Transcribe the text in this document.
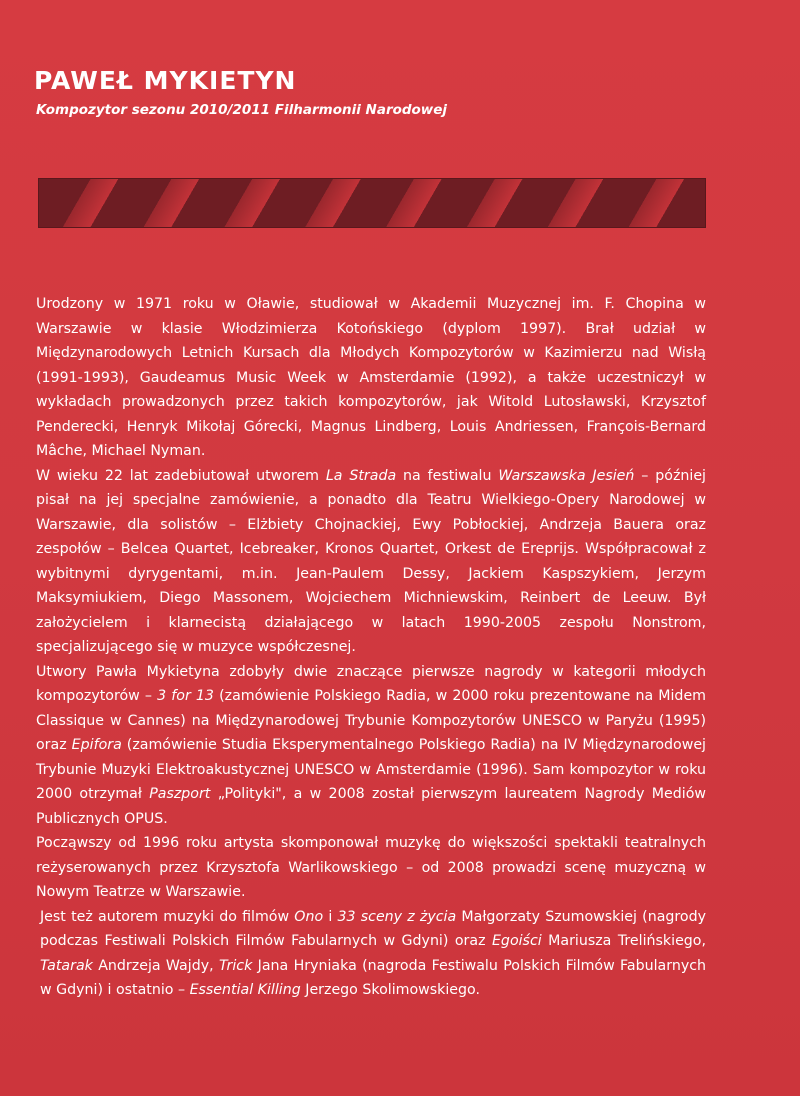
PAWEŁ MYKIETYN

Kompozytor sezonu 2010/2011 Filharmonii Narodowej

Urodzony w 1971 roku w Oławie, studiował w Akademii Muzycznej im. F. Chopina w Warszawie w klasie Włodzimierza Kotońskiego (dyplom 1997). Brał udział w Międzynarodowych Letnich Kursach dla Młodych Kompozytorów w Kazimierzu nad Wisłą (1991-1993), Gaudeamus Music Week w Amsterdamie (1992), a także uczestniczył w wykładach prowadzonych przez takich kompozytorów, jak Witold Lutosławski, Krzysztof Penderecki, Henryk Mikołaj Górecki, Magnus Lindberg, Louis Andriessen, François-Bernard Mâche, Michael Nyman.

W wieku 22 lat zadebiutował utworem La Strada na festiwalu Warszawska Jesień – później pisał na jej specjalne zamówienie, a ponadto dla Teatru Wielkiego-Opery Narodowej w Warszawie, dla solistów – Elżbiety Chojnackiej, Ewy Pobłockiej, Andrzeja Bauera oraz zespołów – Belcea Quartet, Icebreaker, Kronos Quartet, Orkest de Ereprijs. Współpracował z wybitnymi dyrygentami, m.in. Jean-Paulem Dessy, Jackiem Kaspszykiem, Jerzym Maksymiukiem, Diego Massonem, Wojciechem Michniewskim, Reinbert de Leeuw. Był założycielem i klarnecistą działającego w latach 1990-2005 zespołu Nonstrom, specjalizującego się w muzyce współczesnej.

Utwory Pawła Mykietyna zdobyły dwie znaczące pierwsze nagrody w kategorii młodych kompozytorów – 3 for 13 (zamówienie Polskiego Radia, w 2000 roku prezentowane na Midem Classique w Cannes) na Międzynarodowej Trybunie Kompozytorów UNESCO w Paryżu (1995) oraz Epifora (zamówienie Studia Eksperymentalnego Polskiego Radia) na IV Międzynarodowej Trybunie Muzyki Elektroakustycznej UNESCO w Amsterdamie (1996). Sam kompozytor w roku 2000 otrzymał Paszport „Polityki", a w 2008 został pierwszym laureatem Nagrody Mediów Publicznych OPUS.

Począwszy od 1996 roku artysta skomponował muzykę do większości spektakli teatralnych reżyserowanych przez Krzysztofa Warlikowskiego – od 2008 prowadzi scenę muzyczną w Nowym Teatrze w Warszawie.

Jest też autorem muzyki do filmów Ono i 33 sceny z życia Małgorzaty Szumowskiej (nagrody podczas Festiwali Polskich Filmów Fabularnych w Gdyni) oraz Egoiści Mariusza Trelińskiego, Tatarak Andrzeja Wajdy, Trick Jana Hryniaka (nagroda Festiwalu Polskich Filmów Fabularnych w Gdyni) i ostatnio – Essential Killing Jerzego Skolimowskiego.
